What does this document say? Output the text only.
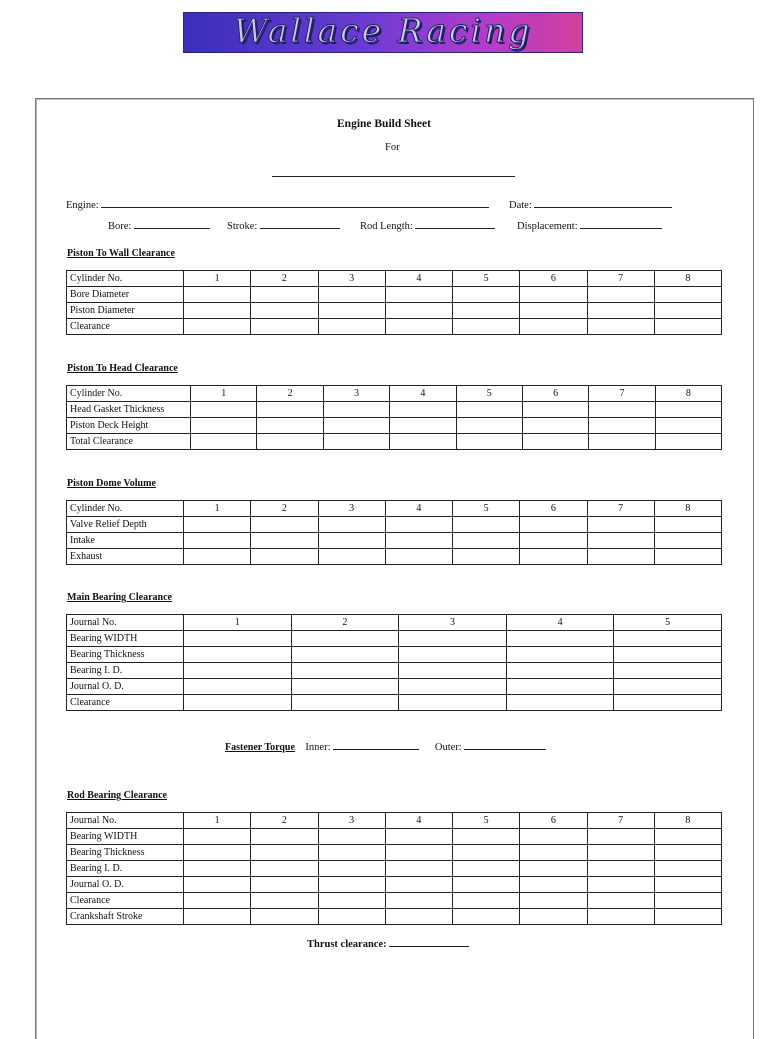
Wallace Racing
Engine Build Sheet
For
Engine:	Date:
Bore:	Stroke:	Rod Length:	Displacement:
Piston To Wall Clearance
Cylinder No.	1	2	3	4	5	6	7	8
Bore Diameter								
Piston Diameter								
Clearance								
Piston To Head Clearance
Cylinder No.	1	2	3	4	5	6	7	8
Head Gasket Thickness								
Piston Deck Height								
Total Clearance								
Piston Dome Volume
Cylinder No.	1	2	3	4	5	6	7	8
Valve Relief Depth								
Intake								
Exhaust								
Main Bearing Clearance
Journal No.	1	2	3	4	5
Bearing WIDTH					
Bearing Thickness					
Bearing I. D.					
Journal O. D.					
Clearance					
Fastener Torque Inner:	Outer:
Rod Bearing Clearance
Journal No.	1	2	3	4	5	6	7	8
Bearing WIDTH								
Bearing Thickness								
Bearing I. D.								
Journal O. D.								
Clearance								
Crankshaft Stroke								
Thrust clearance:
